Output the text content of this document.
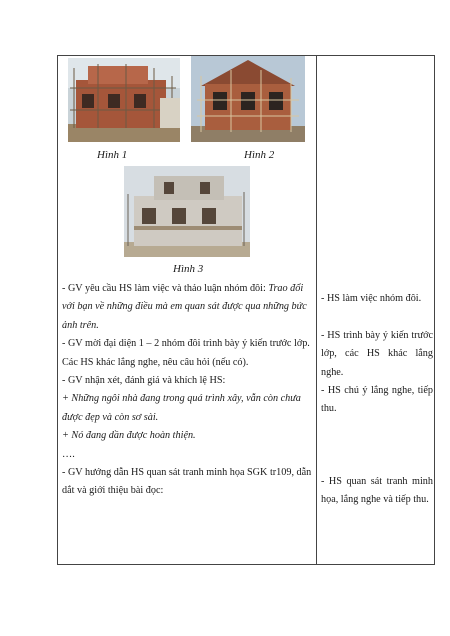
Hình 1	Hình 2
Hình 3

- GV yêu cầu HS làm việc và thảo luận nhóm đôi: Trao đổi với bạn về những điều mà em quan sát được qua những bức ảnh trên.

- GV mời đại diện 1 – 2 nhóm đôi trình bày ý kiến trước lớp. Các HS khác lắng nghe, nêu câu hỏi (nếu có).

- GV nhận xét, đánh giá và khích lệ HS:

+ Những ngôi nhà đang trong quá trình xây, vẫn còn chưa được đẹp và còn sơ sài.

+ Nó đang dần được hoàn thiện.

….

- GV hướng dẫn HS quan sát tranh minh họa SGK tr109, dẫn dắt và giới thiệu bài đọc:

- HS làm việc nhóm đôi.
- HS trình bày ý kiến trước lớp, các HS khác lắng nghe.
- HS chú ý lắng nghe, tiếp thu.
- HS quan sát tranh minh họa, lắng nghe và tiếp thu.
